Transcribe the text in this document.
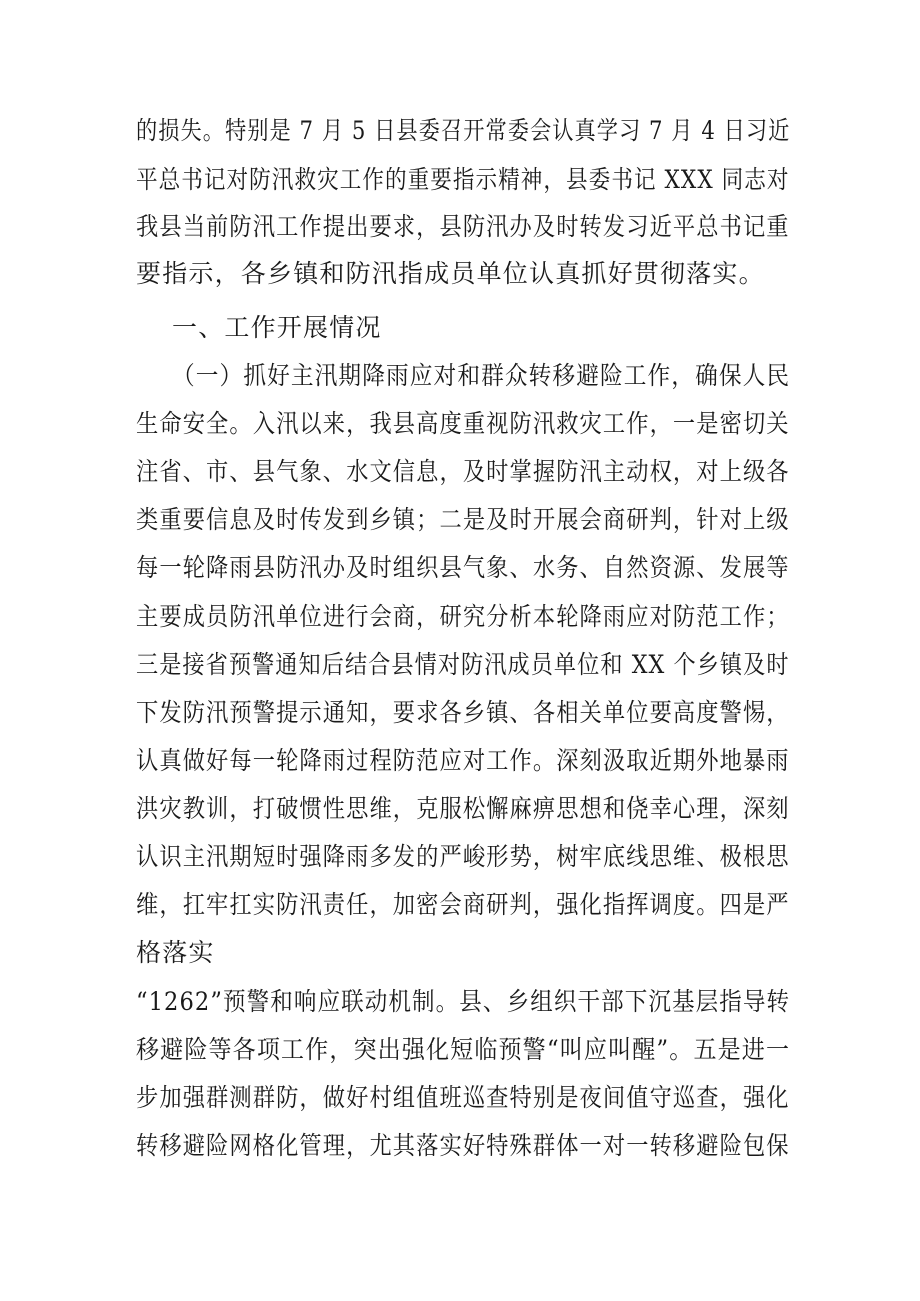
的损失。特别是 7 月 5 日县委召开常委会认真学习 7 月 4 日习近

平总书记对防汛救灾工作的重要指示精神，县委书记 XXX 同志对

我县当前防汛工作提出要求，县防汛办及时转发习近平总书记重

要指示，各乡镇和防汛指成员单位认真抓好贯彻落实。

一、工作开展情况

（一）抓好主汛期降雨应对和群众转移避险工作，确保人民

生命安全。入汛以来，我县高度重视防汛救灾工作，一是密切关

注省、市、县气象、水文信息，及时掌握防汛主动权，对上级各

类重要信息及时传发到乡镇；二是及时开展会商研判，针对上级

每一轮降雨县防汛办及时组织县气象、水务、自然资源、发展等

主要成员防汛单位进行会商，研究分析本轮降雨应对防范工作；

三是接省预警通知后结合县情对防汛成员单位和 XX 个乡镇及时

下发防汛预警提示通知，要求各乡镇、各相关单位要高度警惕，

认真做好每一轮降雨过程防范应对工作。深刻汲取近期外地暴雨

洪灾教训，打破惯性思维，克服松懈麻痹思想和侥幸心理，深刻

认识主汛期短时强降雨多发的严峻形势，树牢底线思维、极根思

维，扛牢扛实防汛责任，加密会商研判，强化指挥调度。四是严

格落实

“1262”预警和响应联动机制。县、乡组织干部下沉基层指导转

移避险等各项工作，突出强化短临预警“叫应叫醒”。五是进一

步加强群测群防，做好村组值班巡查特别是夜间值守巡查，强化

转移避险网格化管理，尤其落实好特殊群体一对一转移避险包保
